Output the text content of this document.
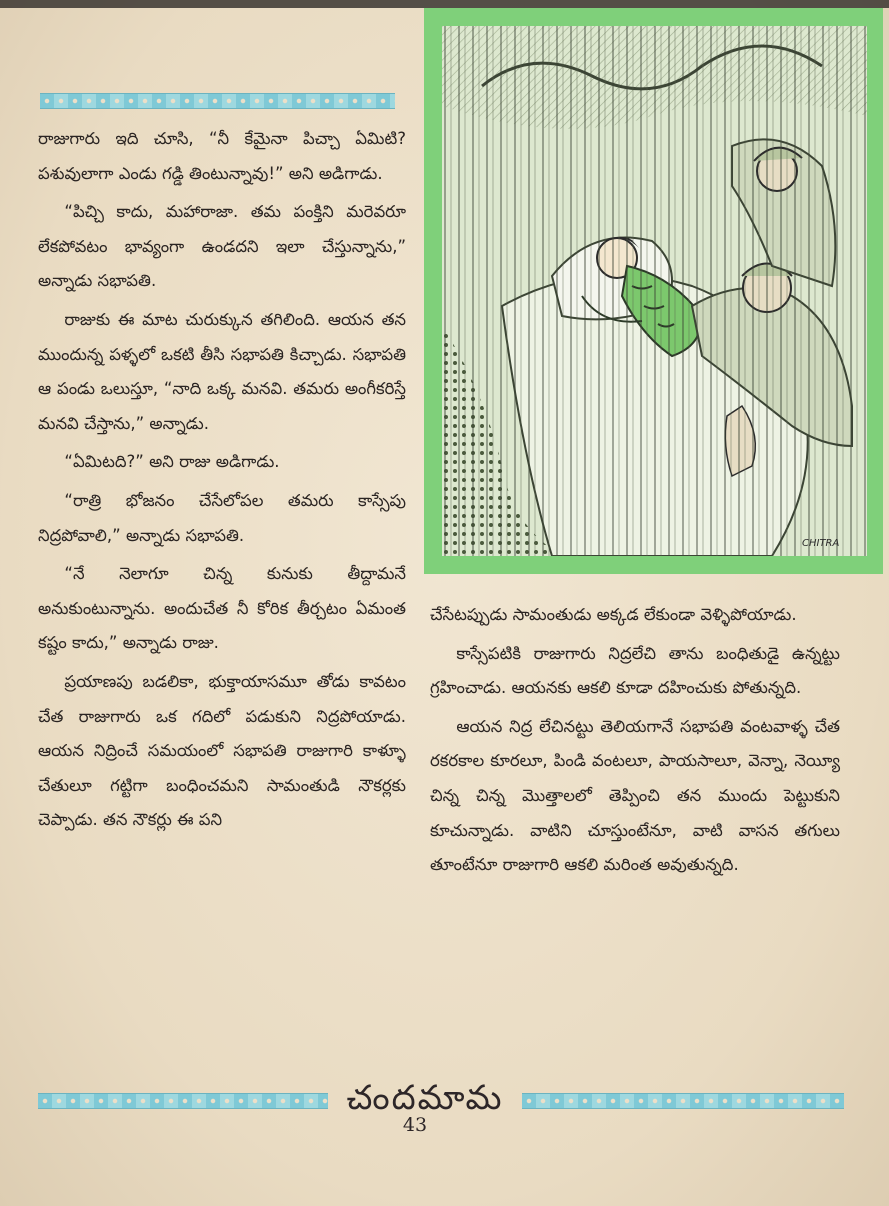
రాజుగారు ఇది చూసి, “నీ కేమైనా పిచ్చా ఏమిటి? పశువులాగా ఎండు గడ్డి తింటున్నావు!” అని అడిగాడు.

“పిచ్చి కాదు, మహారాజా. తమ పంక్తిని మరెవరూ లేకపోవటం భావ్యంగా ఉండదని ఇలా చేస్తున్నాను,” అన్నాడు సభాపతి.

రాజుకు ఈ మాట చురుక్కున తగిలింది. ఆయన తన ముందున్న పళ్ళలో ఒకటి తీసి సభాపతి కిచ్చాడు. సభాపతి ఆ పండు ఒలుస్తూ, “నాది ఒక్క మనవి. తమరు అంగీకరిస్తే మనవి చేస్తాను,” అన్నాడు.

“ఏమిటది?” అని రాజు అడిగాడు.

“రాత్రి భోజనం చేసేలోపల తమరు కాస్సేపు నిద్రపోవాలి,” అన్నాడు సభాపతి.

“నే నెలాగూ చిన్న కునుకు తీద్దామనే అనుకుంటున్నాను. అందుచేత నీ కోరిక తీర్చటం ఏమంత కష్టం కాదు,” అన్నాడు రాజు.

ప్రయాణపు బడలికా, భుక్తాయాసమూ తోడు కావటం చేత రాజుగారు ఒక గదిలో పడుకుని నిద్రపోయాడు. ఆయన నిద్రించే సమయంలో సభాపతి రాజుగారి కాళ్ళూ చేతులూ గట్టిగా బంధించమని సామంతుడి నౌకర్లకు చెప్పాడు. తన నౌకర్లు ఈ పని

CHITRA

చేసేటప్పుడు సామంతుడు అక్కడ లేకుండా వెళ్ళిపోయాడు.

కాస్సేపటికి రాజుగారు నిద్రలేచి తాను బంధితుడై ఉన్నట్టు గ్రహించాడు. ఆయనకు ఆకలి కూడా దహించుకు పోతున్నది.

ఆయన నిద్ర లేచినట్టు తెలియగానే సభాపతి వంటవాళ్ళ చేత రకరకాల కూరలూ, పిండి వంటలూ, పాయసాలూ, వెన్నా, నెయ్యీ చిన్న చిన్న మొత్తాలలో తెప్పించి తన ముందు పెట్టుకుని కూచున్నాడు. వాటిని చూస్తుంటేనూ, వాటి వాసన తగులు తూంటేనూ రాజుగారి ఆకలి మరింత అవుతున్నది.

చందమామ
43
